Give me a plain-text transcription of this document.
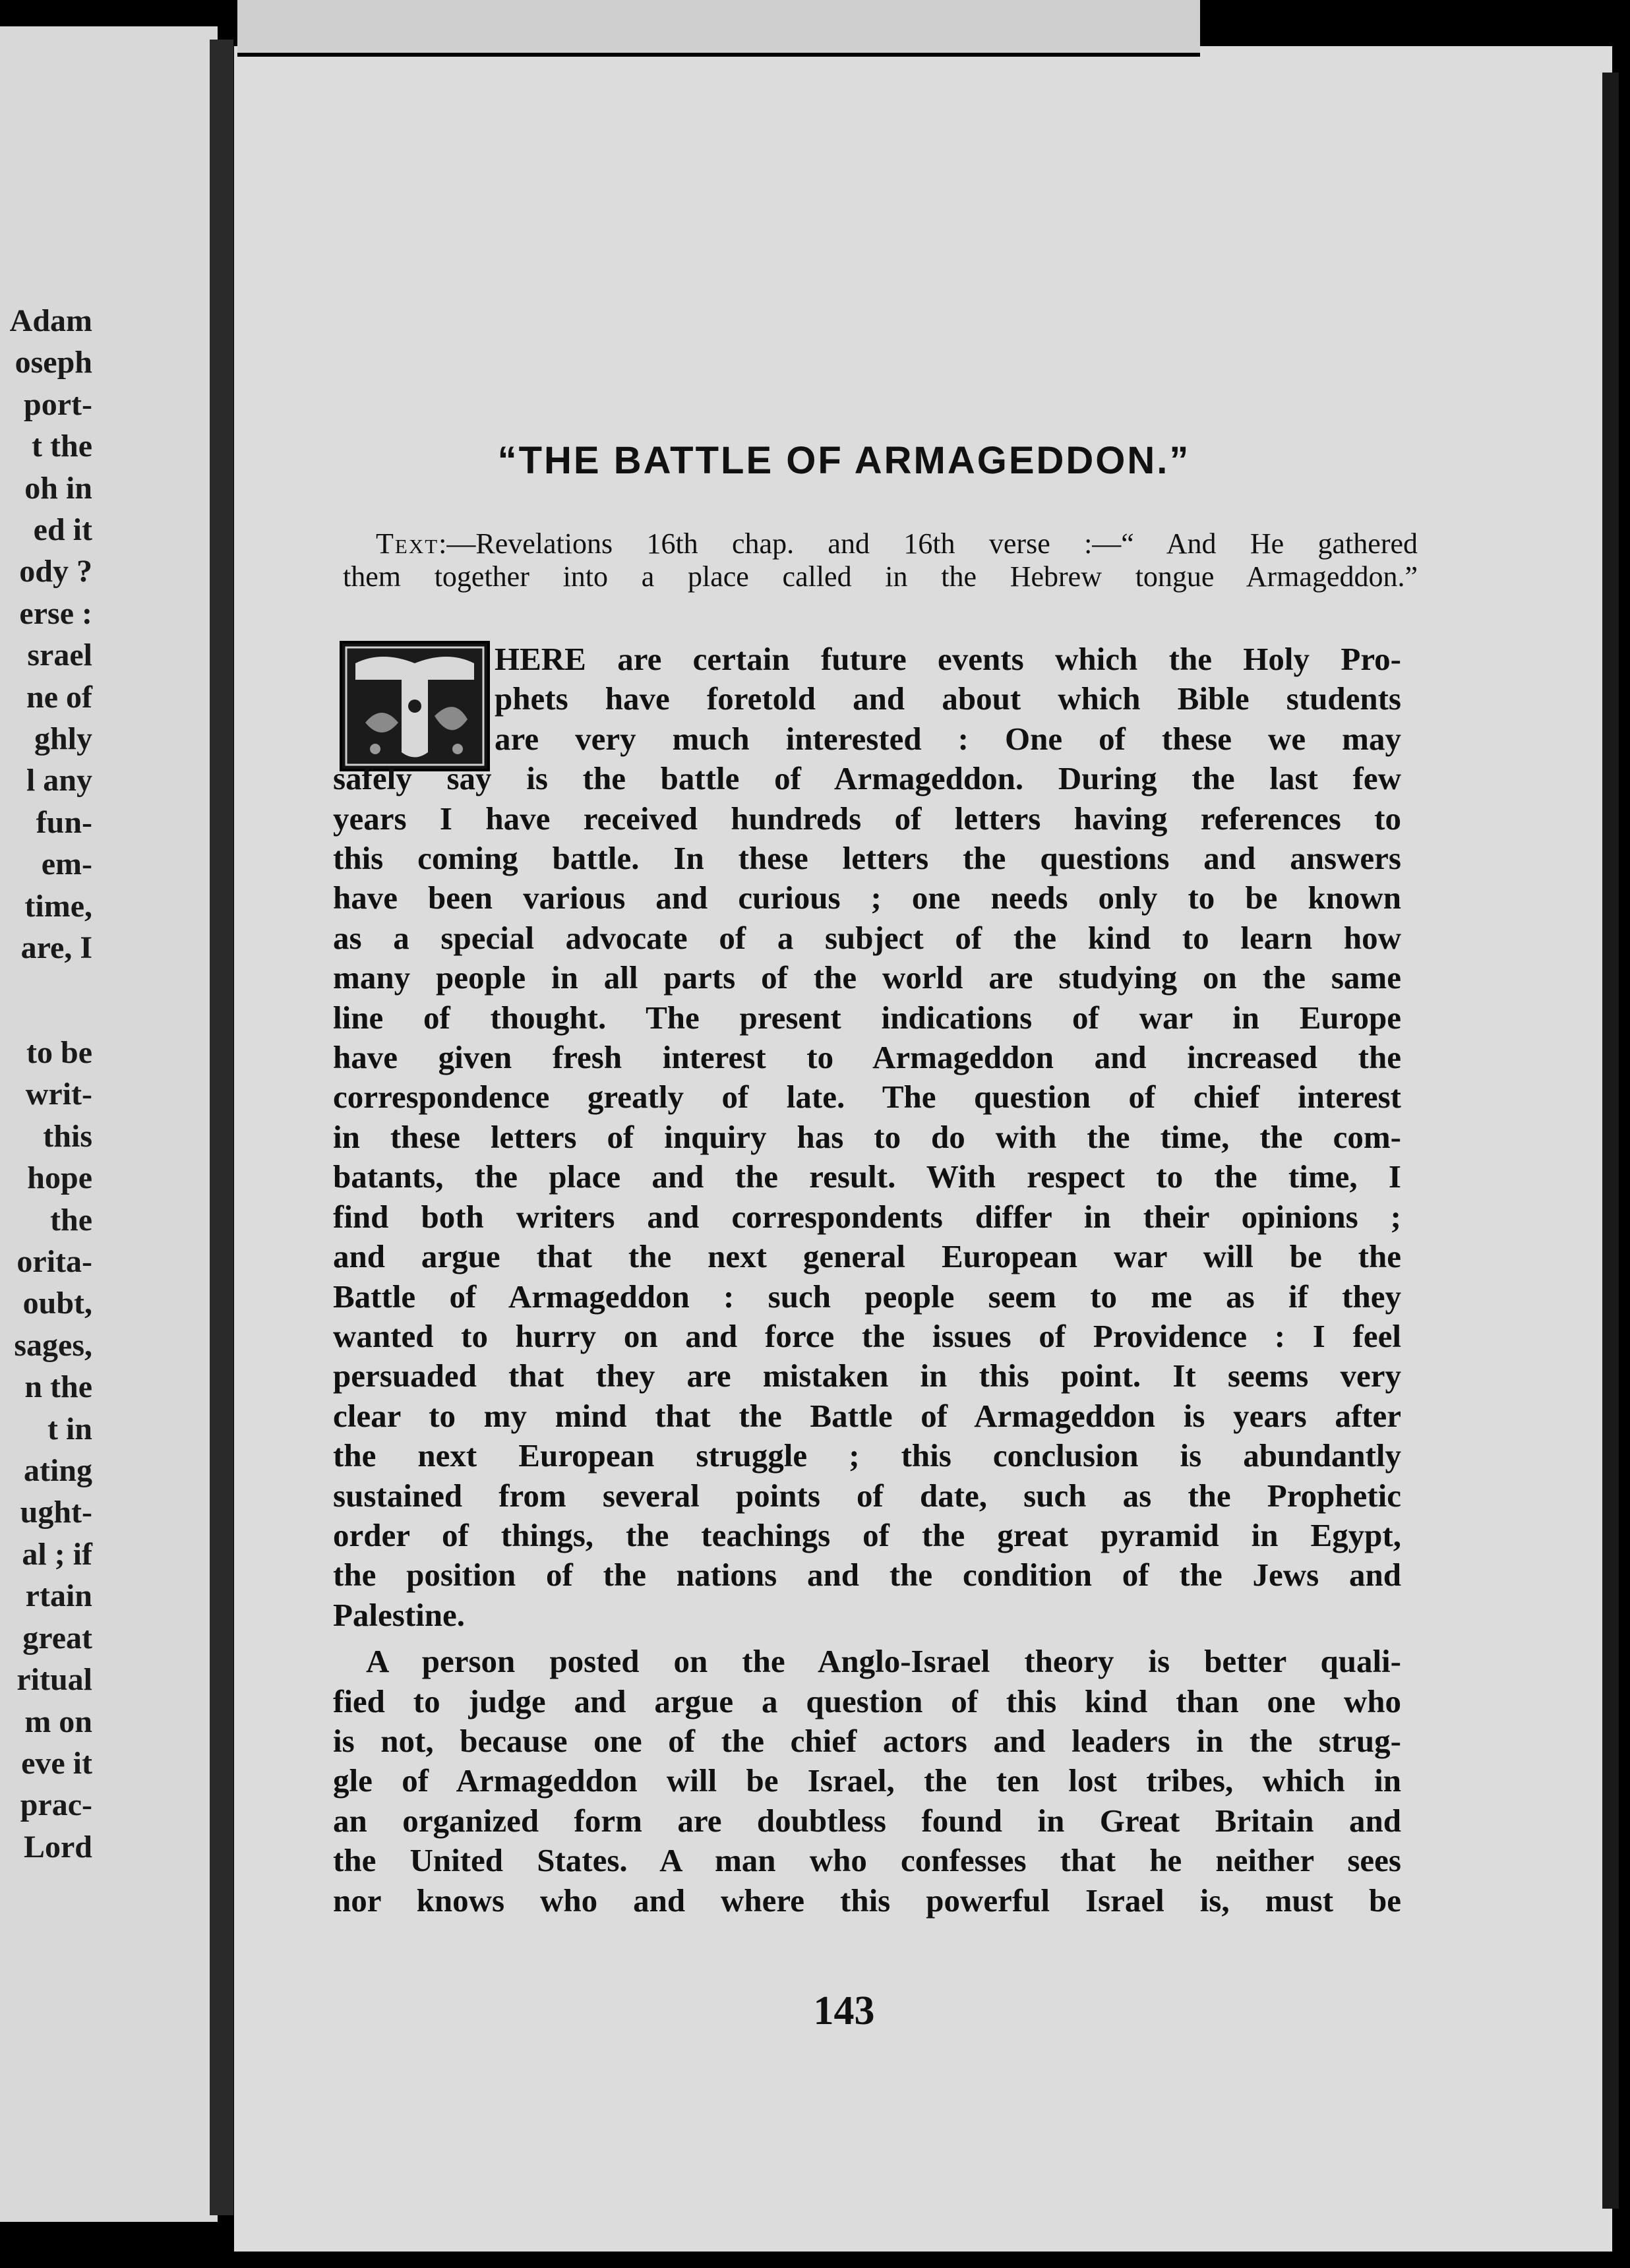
Adam
oseph
port-
t the
oh in
ed it
ody ?
erse :
srael
ne of
ghly
l any
fun-
em-
time,
are, I
to be
writ-
this
hope
the
orita-
oubt,
sages,
n the
t in
ating
ught-
al ; if
rtain
great
ritual
m on
eve it
prac-
Lord
“THE BATTLE OF ARMAGEDDON.”
Text:—Revelations 16th chap. and 16th verse :—“ And He gathered
them together into a place called in the Hebrew tongue Armageddon.”
HERE are certain future events which the Holy Pro-
phets have foretold and about which Bible students
are very much interested : One of these we may
safely say is the battle of Armageddon. During the last few
years I have received hundreds of letters having references to
this coming battle. In these letters the questions and answers
have been various and curious ; one needs only to be known
as a special advocate of a subject of the kind to learn how
many people in all parts of the world are studying on the same
line of thought. The present indications of war in Europe
have given fresh interest to Armageddon and increased the
correspondence greatly of late. The question of chief interest
in these letters of inquiry has to do with the time, the com-
batants, the place and the result. With respect to the time, I
find both writers and correspondents differ in their opinions ;
and argue that the next general European war will be the
Battle of Armageddon : such people seem to me as if they
wanted to hurry on and force the issues of Providence : I feel
persuaded that they are mistaken in this point. It seems very
clear to my mind that the Battle of Armageddon is years after
the next European struggle ; this conclusion is abundantly
sustained from several points of date, such as the Prophetic
order of things, the teachings of the great pyramid in Egypt,
the position of the nations and the condition of the Jews and
Palestine.
A person posted on the Anglo-Israel theory is better quali-
fied to judge and argue a question of this kind than one who
is not, because one of the chief actors and leaders in the strug-
gle of Armageddon will be Israel, the ten lost tribes, which in
an organized form are doubtless found in Great Britain and
the United States. A man who confesses that he neither sees
nor knows who and where this powerful Israel is, must be
143
